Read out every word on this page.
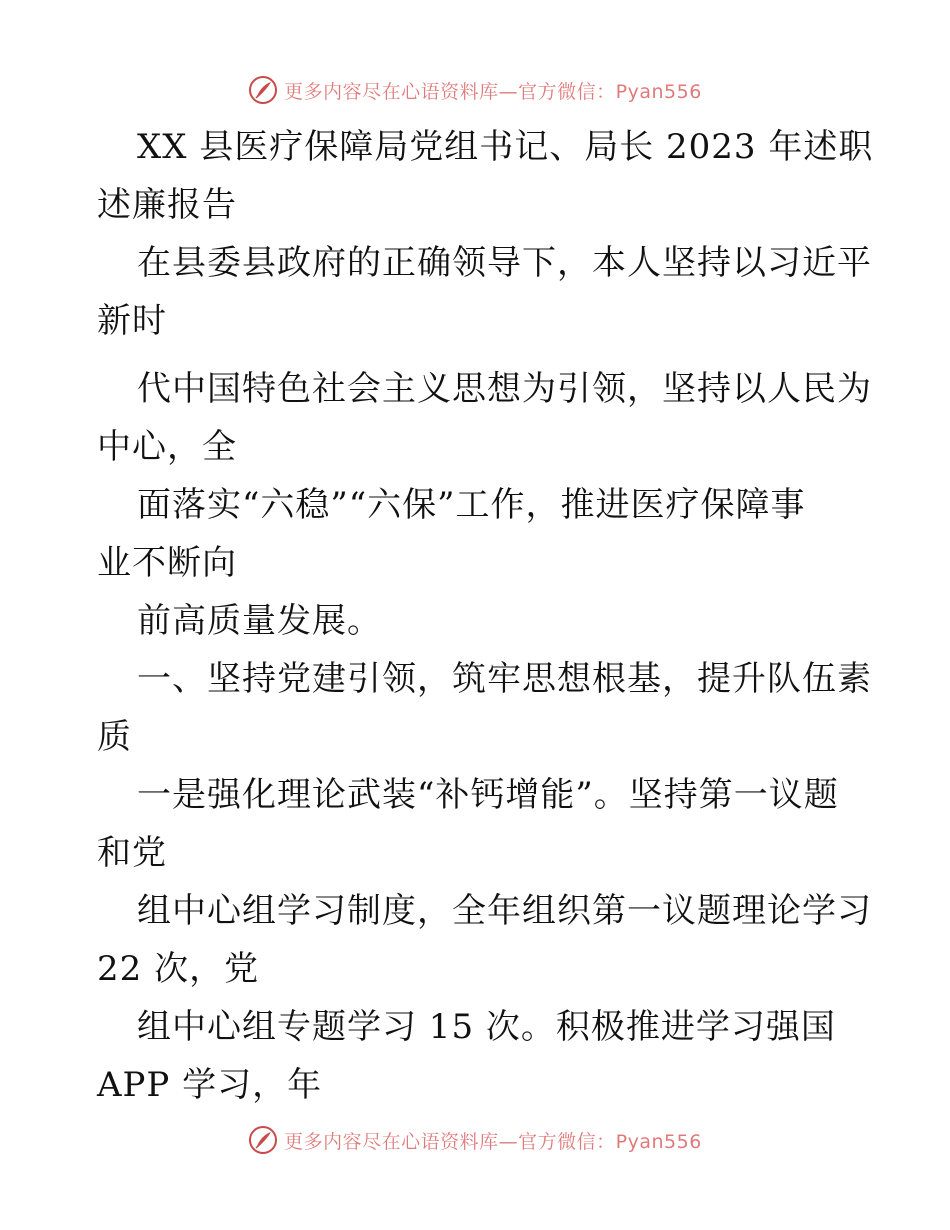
更多内容尽在心语资料库—官方微信：Pyan556
XX 县医疗保障局党组书记、局长 2023 年述职
述廉报告
在县委县政府的正确领导下，本人坚持以习近平
新时
代中国特色社会主义思想为引领，坚持以人民为
中心，全
面落实“六稳”“六保”工作，推进医疗保障事
业不断向
前高质量发展。
一、坚持党建引领，筑牢思想根基，提升队伍素
质
一是强化理论武装“补钙增能”。坚持第一议题
和党
组中心组学习制度，全年组织第一议题理论学习
22 次，党
组中心组专题学习 15 次。积极推进学习强国
APP 学习，年
更多内容尽在心语资料库—官方微信：Pyan556
